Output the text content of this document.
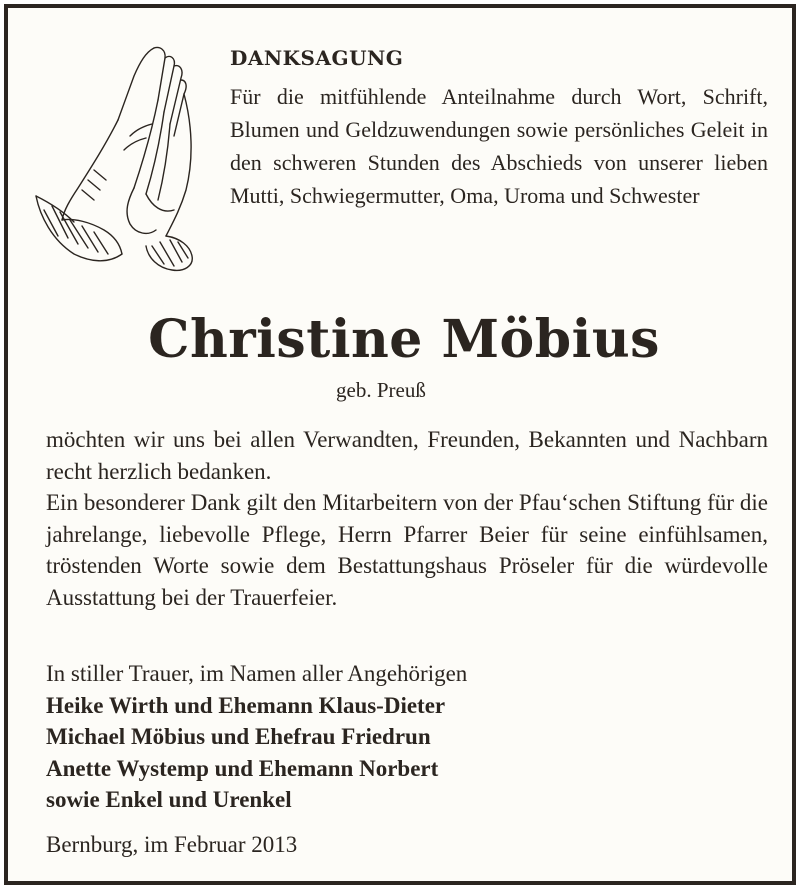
DANKSAGUNG

Für die mitfühlende Anteilnahme durch Wort, Schrift, Blumen und Geldzuwendungen sowie persönliches Geleit in den schweren Stunden des Abschieds von unserer lieben Mutti, Schwiegermutter, Oma, Uroma und Schwester

Christine Möbius
geb. Preuß

möchten wir uns bei allen Verwandten, Freunden, Bekannten und Nachbarn recht herzlich bedanken.

Ein besonderer Dank gilt den Mitarbeitern von der Pfau‘schen Stiftung für die jahrelange, liebevolle Pflege, Herrn Pfarrer Beier für seine einfühlsamen, tröstenden Worte sowie dem Bestattungshaus Pröseler für die würdevolle Ausstattung bei der Trauerfeier.

In stiller Trauer, im Namen aller Angehörigen
Heike Wirth und Ehemann Klaus-Dieter
Michael Möbius und Ehefrau Friedrun
Anette Wystemp und Ehemann Norbert
sowie Enkel und Urenkel
Bernburg, im Februar 2013
